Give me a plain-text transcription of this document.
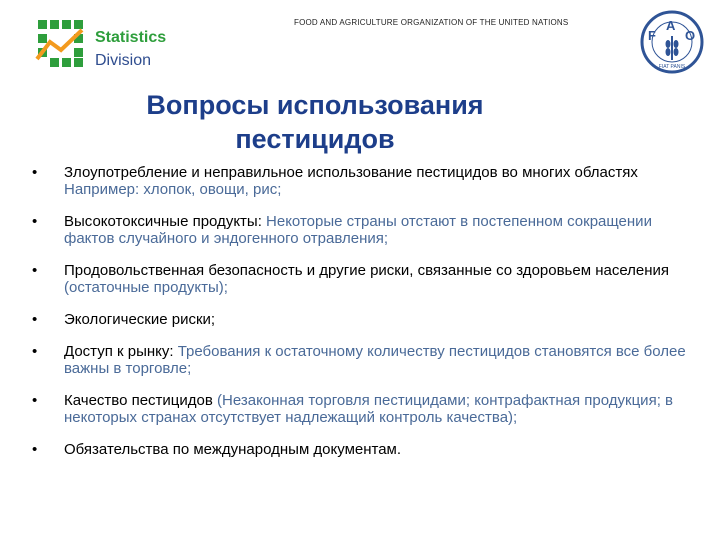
Statistics
Division
FOOD AND AGRICULTURE ORGANIZATION OF THE UNITED NATIONS
F
A
O
FIAT PANIS
Вопросы использования
пестицидов
• Злоупотребление и неправильное использование пестицидов во многих областях
Например: хлопок, овощи, рис;
• Высокотоксичные продукты: Некоторые страны отстают в постепенном сокращении фактов случайного и эндогенного отравления;
• Продовольственная безопасность и другие риски, связанные со здоровьем населения (остаточные продукты);
• Экологические риски;
• Доступ к рынку: Требования к остаточному количеству пестицидов становятся все более важны в торговле;
• Качество пестицидов (Незаконная торговля пестицидами; контрафактная продукция; в некоторых странах отсутствует надлежащий контроль качества);
• Обязательства по международным документам.
